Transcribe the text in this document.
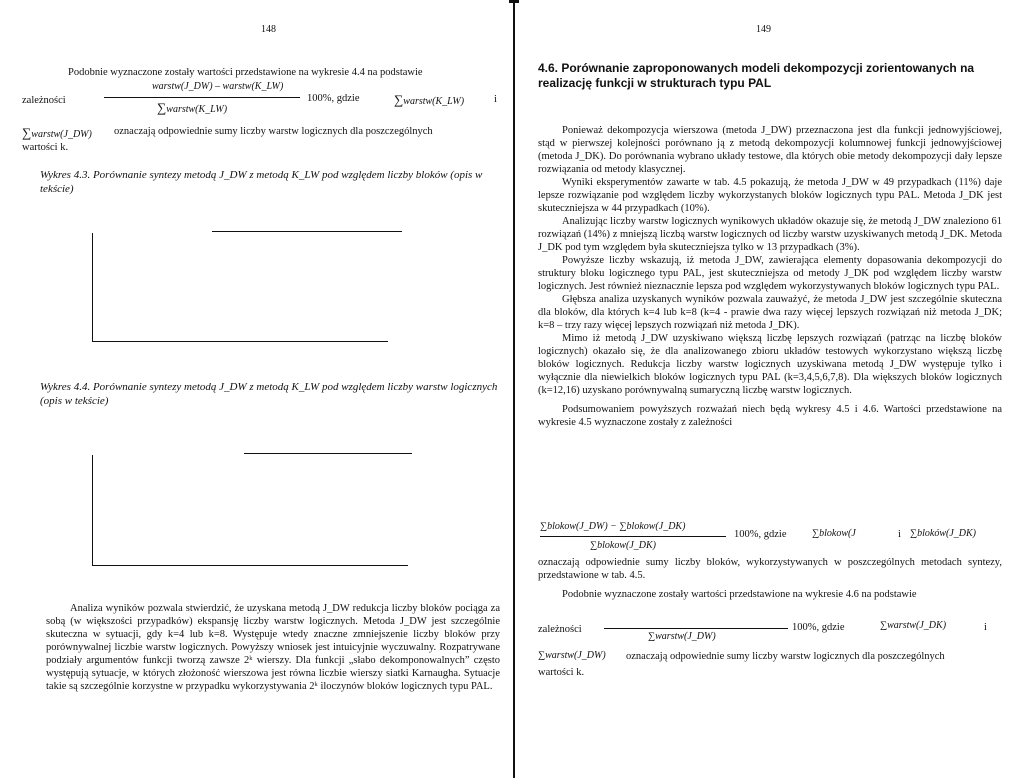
148
Podobnie wyznaczone zostały wartości przedstawione na wykresie 4.4 na podstawie
zależności
warstw(J_DW) – warstw(K_LW)
∑warstw(K_LW)
100%, gdzie	∑warstw(K_LW)	i
∑warstw(J_DW) oznaczają odpowiednie sumy liczby warstw logicznych dla poszczególnych
wartości k.
Wykres 4.3. Porównanie syntezy metodą J_DW z metodą K_LW pod względem liczby bloków (opis w tekście)
Wykres 4.4. Porównanie syntezy metodą J_DW z metodą K_LW pod względem liczby warstw logicznych (opis w tekście)
Analiza wyników pozwala stwierdzić, że uzyskana metodą J_DW redukcja liczby bloków pociąga za sobą (w większości przypadków) ekspansję liczby warstw logicznych. Metoda J_DW jest szczególnie skuteczna w sytuacji, gdy k=4 lub k=8. Występuje wtedy znaczne zmniejszenie liczby bloków przy porównywalnej liczbie warstw logicznych. Powyższy wniosek jest intuicyjnie wyczuwalny. Rozpatrywane podziały argumentów funkcji tworzą zawsze 2ᵏ wierszy. Dla funkcji „słabo dekomponowalnych” często występują sytuacje, w których złożoność wierszowa jest równa liczbie wierszy siatki Karnaugha. Sytuacje takie są szczególnie korzystne w przypadku wykorzystywania 2ᵏ iloczynów bloków logicznych typu PAL.
149
4.6. Porównanie zaproponowanych modeli dekompozycji zorientowanych na realizację funkcji w strukturach typu PAL

Ponieważ dekompozycja wierszowa (metoda J_DW) przeznaczona jest dla funkcji jednowyjściowej, stąd w pierwszej kolejności porównano ją z metodą dekompozycji kolumnowej funkcji jednowyjściowej (metoda J_DK). Do porównania wybrano układy testowe, dla których obie metody dekompozycji dały lepsze rozwiązania od metody klasycznej.

Wyniki eksperymentów zawarte w tab. 4.5 pokazują, że metoda J_DW w 49 przypadkach (11%) daje lepsze rozwiązanie pod względem liczby wykorzystanych bloków logicznych typu PAL. Metoda J_DK jest skuteczniejsza w 44 przypadkach (10%).

Analizując liczby warstw logicznych wynikowych układów okazuje się, że metodą J_DW znaleziono 61 rozwiązań (14%) z mniejszą liczbą warstw logicznych od liczby warstw uzyskiwanych metodą J_DK. Metoda J_DK pod tym względem była skuteczniejsza tylko w 13 przypadkach (3%).

Powyższe liczby wskazują, iż metoda J_DW, zawierająca elementy dopasowania dekompozycji do struktury bloku logicznego typu PAL, jest skuteczniejsza od metody J_DK pod względem liczby warstw logicznych. Jest również nieznacznie lepsza pod względem wykorzystywanych bloków logicznych typu PAL.

Głębsza analiza uzyskanych wyników pozwala zauważyć, że metoda J_DW jest szczególnie skuteczna dla bloków, dla których k=4 lub k=8 (k=4 - prawie dwa razy więcej lepszych rozwiązań niż metoda J_DK; k=8 – trzy razy więcej lepszych rozwiązań niż metoda J_DK).

Mimo iż metodą J_DW uzyskiwano większą liczbę lepszych rozwiązań (patrząc na liczbę bloków logicznych) okazało się, że dla analizowanego zbioru układów testowych wykorzystano większą liczbę bloków logicznych. Redukcja liczby warstw logicznych uzyskiwana metodą J_DW występuje tylko i wyłącznie dla niewielkich bloków logicznych typu PAL (k=3,4,5,6,7,8). Dla większych bloków logicznych (k=12,16) uzyskano porównywalną sumaryczną liczbę warstw logicznych.

Podsumowaniem powyższych rozważań niech będą wykresy 4.5 i 4.6. Wartości przedstawione na wykresie 4.5 wyznaczone zostały z zależności

∑blokow(J_DW) − ∑blokow(J_DK)
∑blokow(J_DK)
100%, gdzie	∑blokow(J	i ∑bloków(J_DK)
oznaczają odpowiednie sumy liczby bloków, wykorzystywanych w poszczególnych metodach syntezy, przedstawione w tab. 4.5.
Podobnie wyznaczone zostały wartości przedstawione na wykresie 4.6 na podstawie
zależności
∑warstw(J_DW)
100%, gdzie	∑warstw(J_DK)	i
∑warstw(J_DW) oznaczają odpowiednie sumy liczby warstw logicznych dla poszczególnych
wartości k.
